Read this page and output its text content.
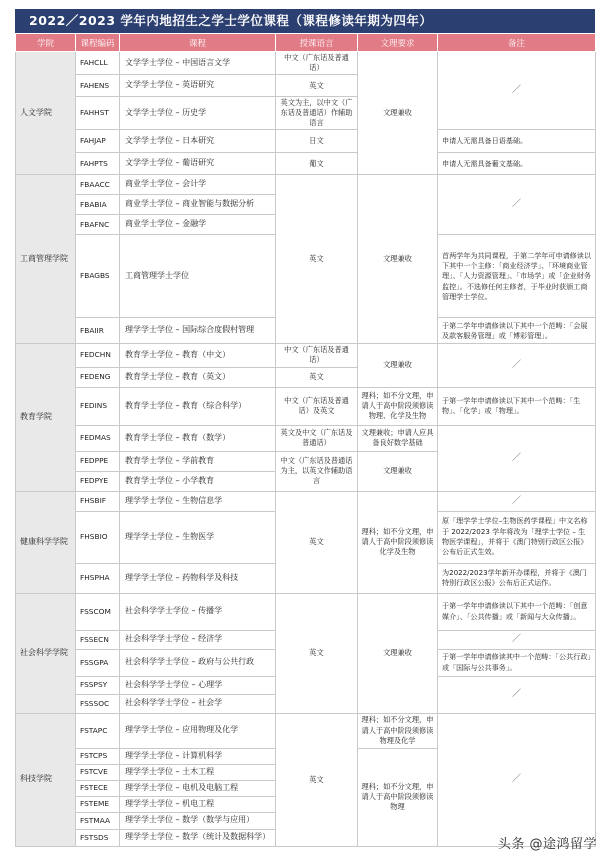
2022／2023 学年内地招生之学士学位课程（课程修读年期为四年）
学院	课程编码	课程	授课语言	文理要求	备注
人文学院	FAHCLL	文学学士学位 – 中国语言文学	中文（广东话及普通话）	文理兼收	／
	FAHENS	文学学士学位 – 英语研究	英文		
	FAHHST	文学学士学位 – 历史学	英文为主，以中文（广东话及普通话）作辅助语言		
	FAHJAP	文学学士学位 – 日本研究	日文		申请人无需具备日语基础。
	FAHPTS	文学学士学位 – 葡语研究	葡文		申请人无需具备葡文基础。
工商管理学院	FBAACC	商业学士学位 – 会计学	英文	文理兼收	／
	FBABIA	商业学士学位 – 商业智能与数据分析			
	FBAFNC	商业学士学位 – 金融学			
	FBAGBS	工商管理学士学位			首两学年为共同课程，于第二学年可申请修读以下其中一个主修：「商业经济学」、「环境商业管理」、「人力资源管理」、「市场学」或「企业财务监控」。不选修任何主修者，于毕业时获颁工商管理学士学位。
	FBAIIR	理学学士学位 – 国际综合度假村管理			于第二学年申请修读以下其中一个范畴：「会展及款客服务管理」或「博彩管理」。
教育学院	FEDCHN	教育学士学位 – 教育（中文）	中文（广东话及普通话）	文理兼收	／
	FEDENG	教育学士学位 – 教育（英文）	英文		
	FEDINS	教育学士学位 – 教育（综合科学）	中文（广东话及普通话）及英文	理科；如不分文理，申请人于高中阶段须修读物理、化学及生物	于第一学年申请修读以下其中一个范畴：「生物」、「化学」或「物理」。
	FEDMAS	教育学士学位 – 教育（数学）	英文及中文（广东话及普通话）	文理兼收；申请人应具备良好数学基础	／
	FEDPPE	教育学士学位 – 学前教育	中文（广东话及普通话为主，以英文作辅助语言	文理兼收	
	FEDPYE	教育学士学位 – 小学教育			
健康科学学院	FHSBIF	理学学士学位 – 生物信息学	英文	理科；如不分文理，申请人于高中阶段须修读化学及生物	／
	FHSBIO	理学学士学位 – 生物医学			原「理学学士学位–生物医药学课程」中文名称于 2022/2023 学年将改为「理学士学位 – 生物医学课程」，并将于《澳门特别行政区公报》公布后正式生效。
	FHSPHA	理学学士学位 – 药物科学及科技			为2022/2023学年新开办课程，并将于《澳门特别行政区公报》公布后正式运作。
社会科学学院	FSSCOM	社会科学学士学位 – 传播学	英文	文理兼收	于第一学年申请修读以下其中一个范畴：「创意媒介」、「公共传播」或「新闻与大众传播」。
	FSSECN	社会科学学士学位 – 经济学			／
	FSSGPA	社会科学学士学位 – 政府与公共行政			于第一学年申请修读其中一个范畴：「公共行政」或「国际与公共事务」。
	FSSPSY	社会科学学士学位 – 心理学			／
	FSSSOC	社会科学学士学位 – 社会学			
科技学院	FSTAPC	理学学士学位 – 应用物理及化学	英文	理科；如不分文理，申请人于高中阶段须修读物理及化学	／
	FSTCPS	理学学士学位 – 计算机科学		理科；如不分文理，申请人于高中阶段须修读物理	
	FSTCVE	理学学士学位 – 土木工程			
	FSTECE	理学学士学位 – 电机及电脑工程			
	FSTEME	理学学士学位 – 机电工程			
	FSTMAA	理学学士学位 – 数学（数学与应用）			
	FSTSDS	理学学士学位 – 数学（统计及数据科学）			
头条 @途鸿留学
